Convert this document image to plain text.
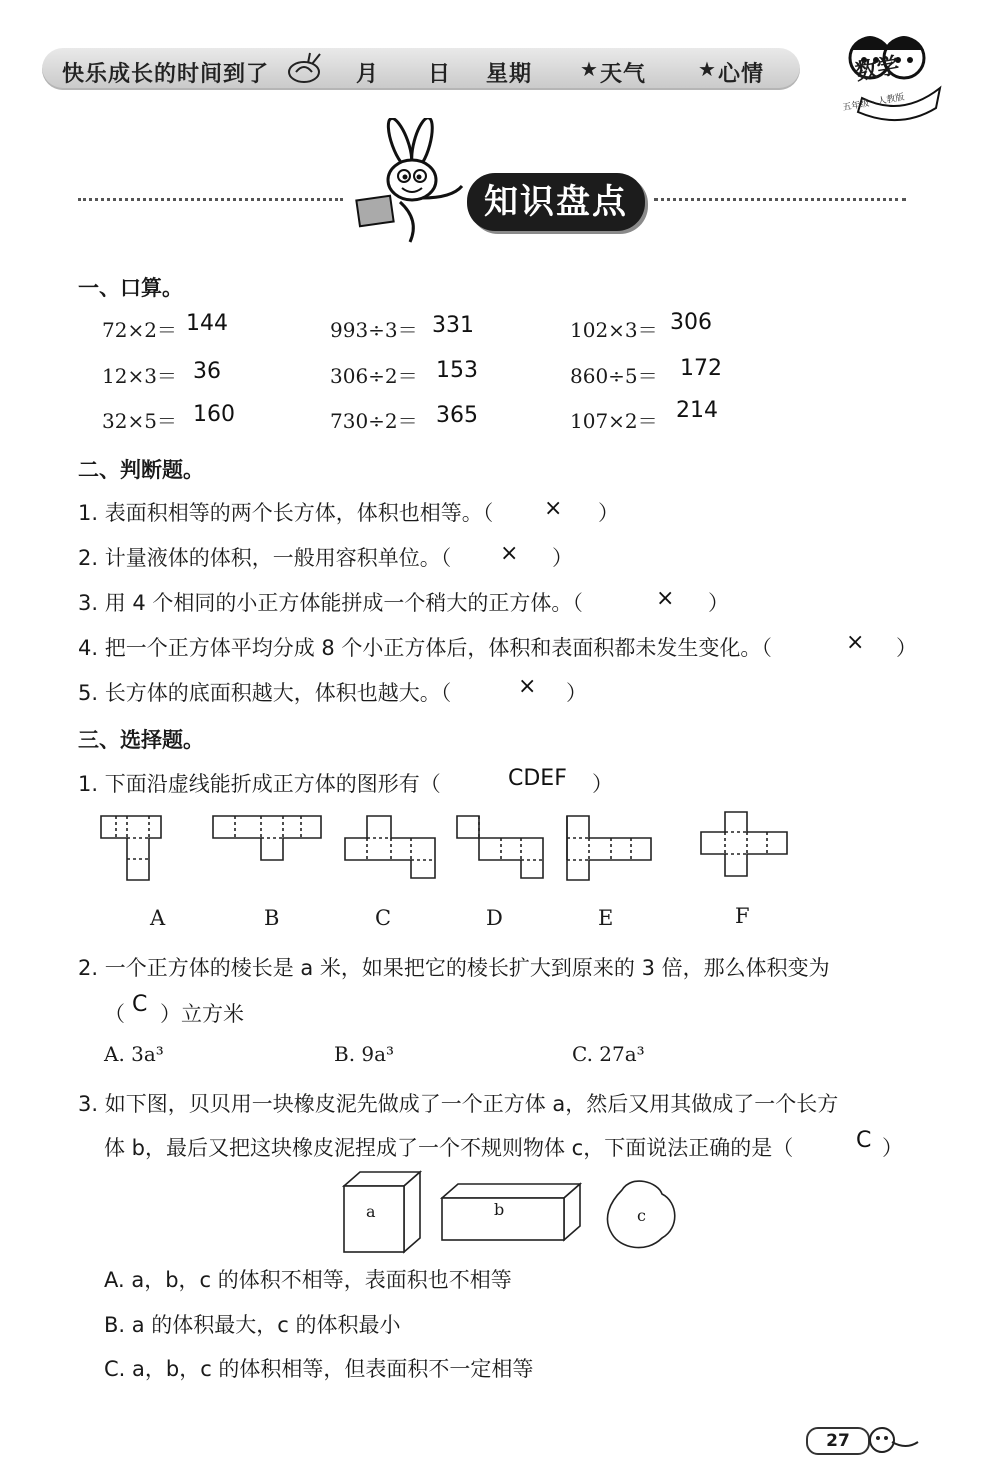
快乐成长的时间到了	月 日 星期 ★ 天气	★ 心情	数学
五年级 · 人教版
知识盘点
一、口算。
72×2＝ 144	993÷3＝ 331	102×3＝ 306
12×3＝ 36	306÷2＝ 153	860÷5＝ 172
32×5＝ 160	730÷2＝ 365	107×2＝ 214
二、判断题。
1. 表面积相等的两个长方体，体积也相等。（ × ）
2. 计量液体的体积，一般用容积单位。（ × ）
3. 用 4 个相同的小正方体能拼成一个稍大的正方体。（	× ）
4. 把一个正方体平均分成 8 个小正方体后，体积和表面积都未发生变化。（	× ）
5. 长方体的底面积越大，体积也越大。（	× ）
三、选择题。
1. 下面沿虚线能折成正方体的图形有（	CDEF ）
A	B	C	D	E	F
2. 一个正方体的棱长是 a 米，如果把它的棱长扩大到原来的 3 倍，那么体积变为
（ C ）立方米
A. 3a³	B. 9a³	C. 27a³
3. 如下图，贝贝用一块橡皮泥先做成了一个正方体 a，然后又用其做成了一个长方
体 b，最后又把这块橡皮泥捏成了一个不规则物体 c，下面说法正确的是（	C ）
a	b	c
A. a，b，c 的体积不相等，表面积也不相等
B. a 的体积最大，c 的体积最小
C. a，b，c 的体积相等，但表面积不一定相等
27
